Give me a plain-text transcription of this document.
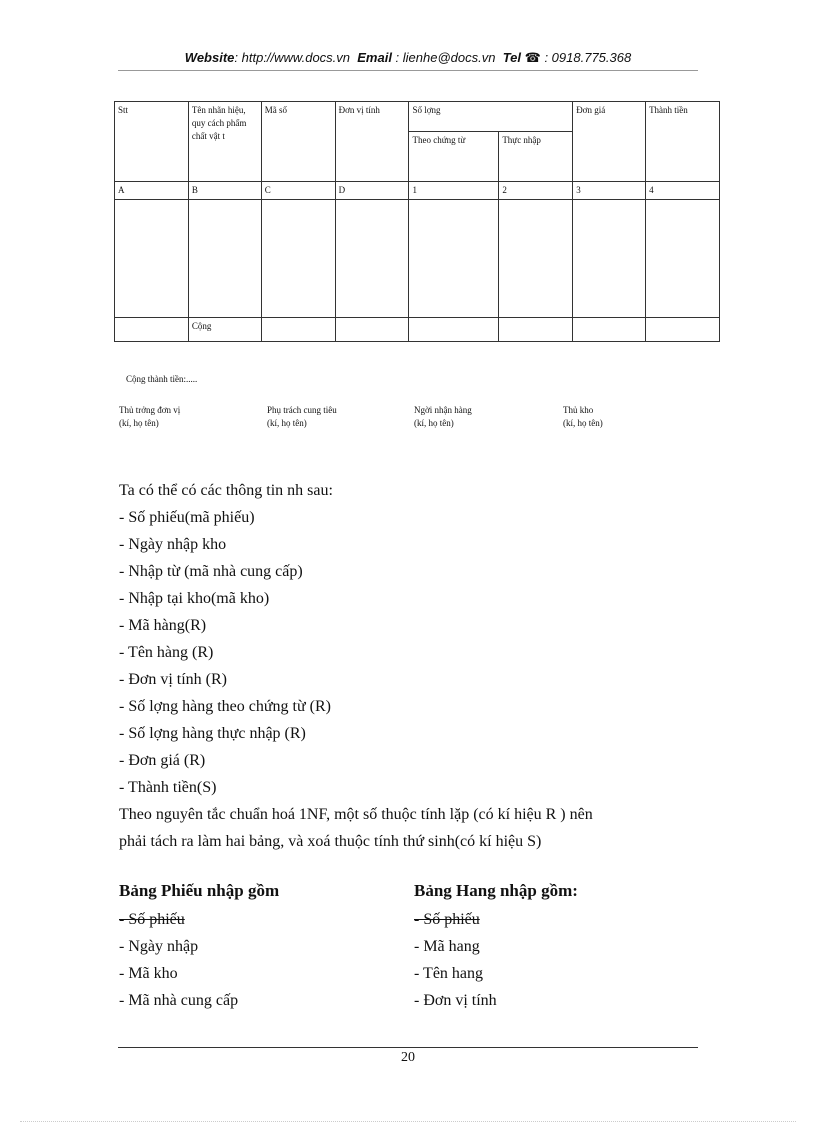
Website: http://www.docs.vn Email : lienhe@docs.vn Tel ☎ : 0918.775.368
Stt	Tên nhãn hiệu, quy cách phẩm chất vật t	Mã số	Đơn vị tính	Số lợng		Đơn giá	Thành tiền
				Theo chứng từ	Thực nhập		
A	B	C	D	1	2	3	4

	Cộng						
Cộng thành tiền:.....
Thủ trởng đơn vị
(kí, họ tên)
Phụ trách cung tiêu
(kí, họ tên)
Ngời nhận hàng
(kí, họ tên)
Thủ kho
(kí, họ tên)
Ta có thể có các thông tin nh sau:
- Số phiếu(mã phiếu)
- Ngày nhập kho
- Nhập từ (mã nhà cung cấp)
- Nhập tại kho(mã kho)
- Mã hàng(R)
- Tên hàng (R)
- Đơn vị tính (R)
- Số lợng hàng theo chứng từ (R)
- Số lợng hàng thực nhập (R)
- Đơn giá (R)
- Thành tiền(S)
Theo nguyên tắc chuẩn hoá 1NF, một số thuộc tính lặp (có kí hiệu R ) nên
phải tách ra làm hai bảng, và xoá thuộc tính thứ sinh(có kí hiệu S)
Bảng Phiếu nhập gồm
- Số phiếu
- Ngày nhập
- Mã kho
- Mã nhà cung cấp
Bảng Hang nhập gồm:
- Số phiếu
- Mã hang
- Tên hang
- Đơn vị tính
20
